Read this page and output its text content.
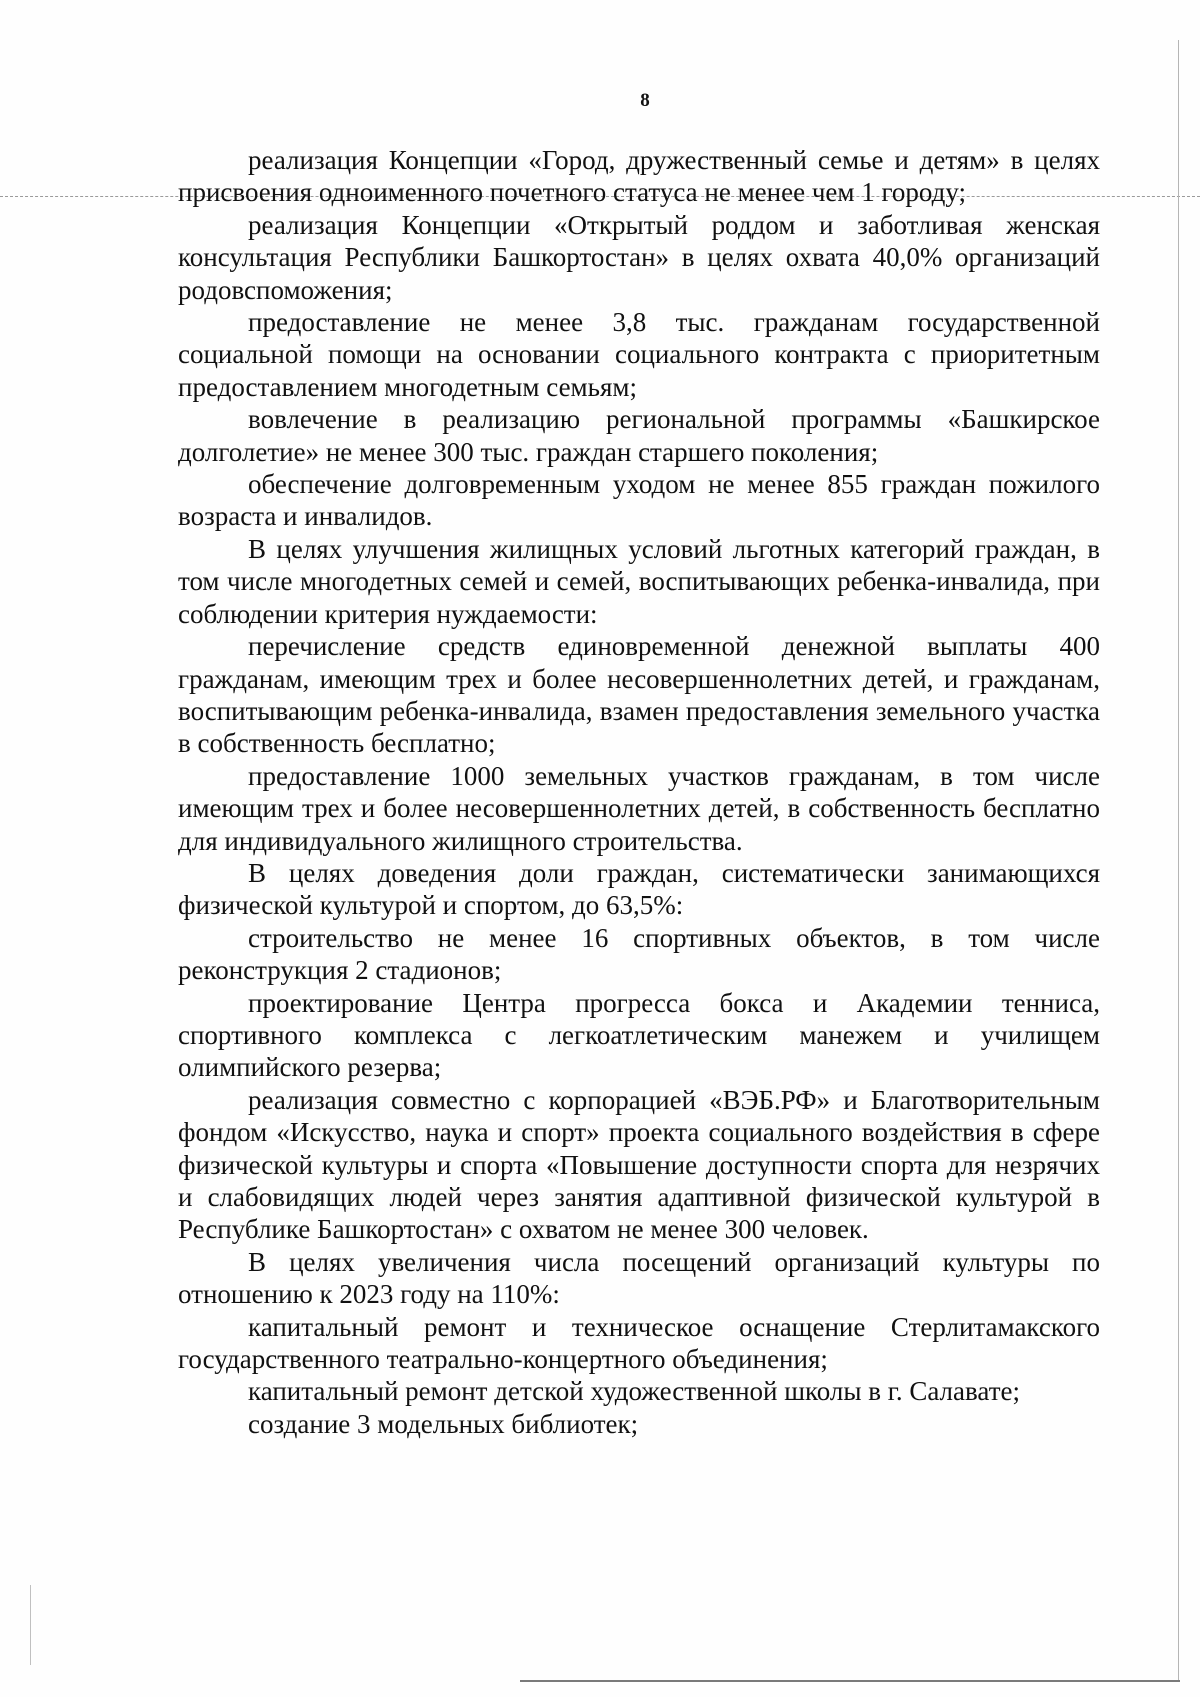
8

реализация Концепции «Город, дружественный семье и детям» в целях присвоения одноименного почетного статуса не менее чем 1 городу;

реализация Концепции «Открытый роддом и заботливая женская консультация Республики Башкортостан» в целях охвата 40,0% организаций родовспоможения;

предоставление не менее 3,8 тыс. гражданам государственной социальной помощи на основании социального контракта с приоритетным предоставлением многодетным семьям;

вовлечение в реализацию региональной программы «Башкирское долголетие» не менее 300 тыс. граждан старшего поколения;

обеспечение долговременным уходом не менее 855 граждан пожилого возраста и инвалидов.

В целях улучшения жилищных условий льготных категорий граждан, в том числе многодетных семей и семей, воспитывающих ребенка-инвалида, при соблюдении критерия нуждаемости:

перечисление средств единовременной денежной выплаты 400 гражданам, имеющим трех и более несовершеннолетних детей, и гражданам, воспитывающим ребенка-инвалида, взамен предоставления земельного участка в собственность бесплатно;

предоставление 1000 земельных участков гражданам, в том числе имеющим трех и более несовершеннолетних детей, в собственность бесплатно для индивидуального жилищного строительства.

В целях доведения доли граждан, систематически занимающихся физической культурой и спортом, до 63,5%:

строительство не менее 16 спортивных объектов, в том числе реконструкция 2 стадионов;

проектирование Центра прогресса бокса и Академии тенниса, спортивного комплекса с легкоатлетическим манежем и училищем олимпийского резерва;

реализация совместно с корпорацией «ВЭБ.РФ» и Благотворительным фондом «Искусство, наука и спорт» проекта социального воздействия в сфере физической культуры и спорта «Повышение доступности спорта для незрячих и слабовидящих людей через занятия адаптивной физической культурой в Республике Башкортостан» с охватом не менее 300 человек.

В целях увеличения числа посещений организаций культуры по отношению к 2023 году на 110%:

капитальный ремонт и техническое оснащение Стерлитамакского государственного театрально-концертного объединения;

капитальный ремонт детской художественной школы в г. Салавате;

создание 3 модельных библиотек;
